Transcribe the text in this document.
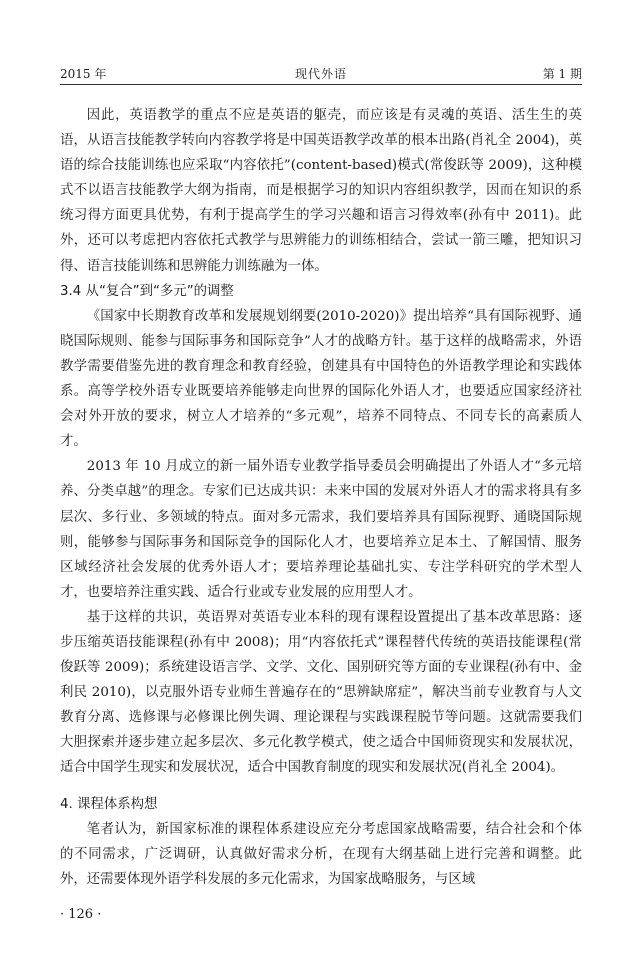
2015 年	现代外语	第 1 期

因此，英语教学的重点不应是英语的躯壳，而应该是有灵魂的英语、活生生的英语，从语言技能教学转向内容教学将是中国英语教学改革的根本出路(肖礼全 2004)，英语的综合技能训练也应采取“内容依托”(content-based)模式(常俊跃等 2009)，这种模式不以语言技能教学大纲为指南，而是根据学习的知识内容组织教学，因而在知识的系统习得方面更具优势，有利于提高学生的学习兴趣和语言习得效率(孙有中 2011)。此外，还可以考虑把内容依托式教学与思辨能力的训练相结合，尝试一箭三雕，把知识习得、语言技能训练和思辨能力训练融为一体。

3.4 从“复合”到“多元”的调整

《国家中长期教育改革和发展规划纲要(2010-2020)》提出培养“具有国际视野、通晓国际规则、能参与国际事务和国际竞争”人才的战略方针。基于这样的战略需求，外语教学需要借鉴先进的教育理念和教育经验，创建具有中国特色的外语教学理论和实践体系。高等学校外语专业既要培养能够走向世界的国际化外语人才，也要适应国家经济社会对外开放的要求，树立人才培养的“多元观”，培养不同特点、不同专长的高素质人才。

2013 年 10 月成立的新一届外语专业教学指导委员会明确提出了外语人才“多元培养、分类卓越”的理念。专家们已达成共识：未来中国的发展对外语人才的需求将具有多层次、多行业、多领域的特点。面对多元需求，我们要培养具有国际视野、通晓国际规则，能够参与国际事务和国际竞争的国际化人才，也要培养立足本土、了解国情、服务区域经济社会发展的优秀外语人才；要培养理论基础扎实、专注学科研究的学术型人才，也要培养注重实践、适合行业或专业发展的应用型人才。

基于这样的共识，英语界对英语专业本科的现有课程设置提出了基本改革思路：逐步压缩英语技能课程(孙有中 2008)；用“内容依托式”课程替代传统的英语技能课程(常俊跃等 2009)；系统建设语言学、文学、文化、国别研究等方面的专业课程(孙有中、金利民 2010)，以克服外语专业师生普遍存在的“思辨缺席症”，解决当前专业教育与人文教育分离、选修课与必修课比例失调、理论课程与实践课程脱节等问题。这就需要我们大胆探索并逐步建立起多层次、多元化教学模式，使之适合中国师资现实和发展状况，适合中国学生现实和发展状况，适合中国教育制度的现实和发展状况(肖礼全 2004)。

4. 课程体系构想

笔者认为，新国家标准的课程体系建设应充分考虑国家战略需要，结合社会和个体的不同需求，广泛调研，认真做好需求分析，在现有大纲基础上进行完善和调整。此外，还需要体现外语学科发展的多元化需求，为国家战略服务，与区域

· 126 ·
